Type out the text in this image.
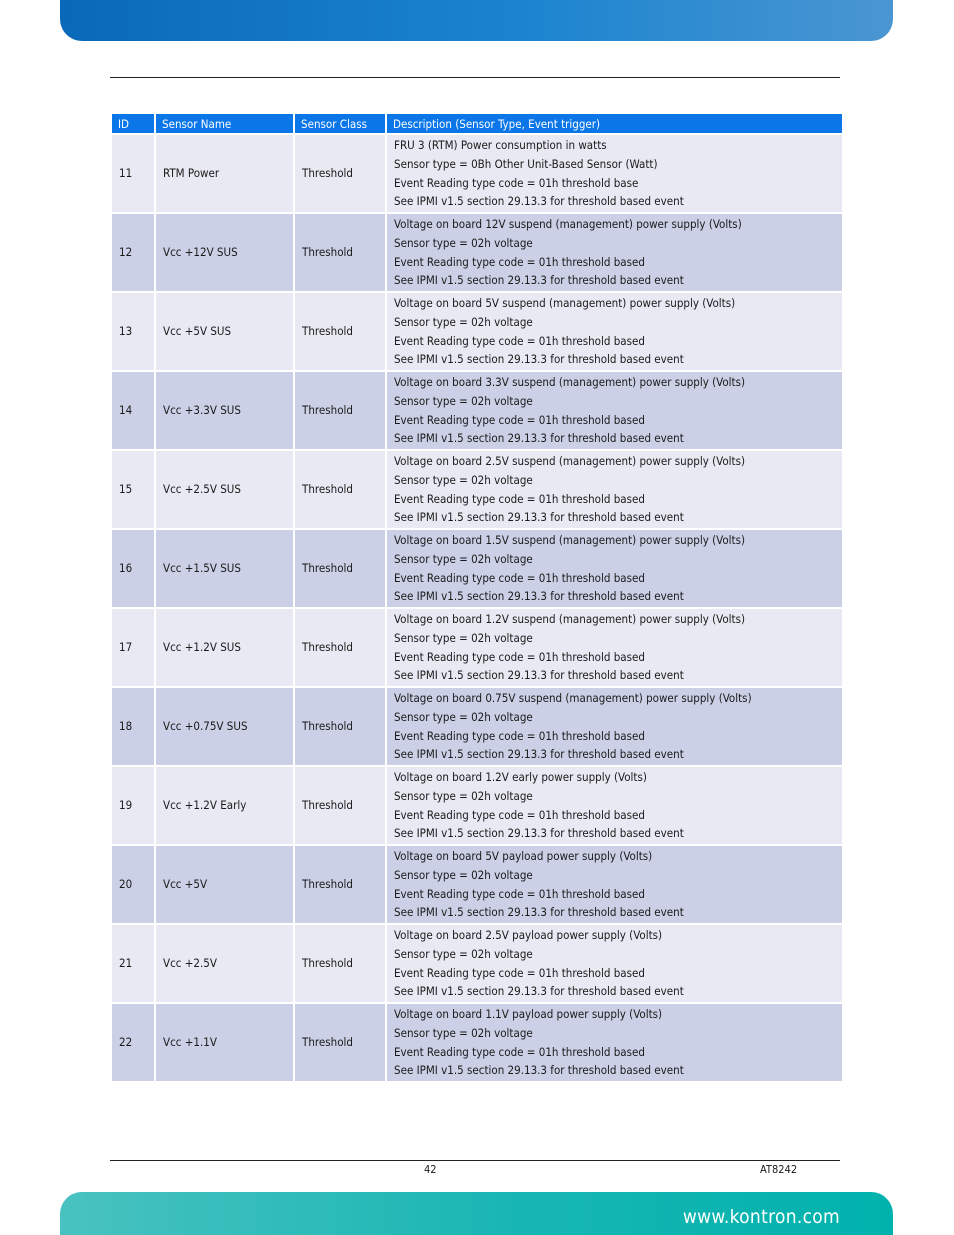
ID	Sensor Name	Sensor Class	Description (Sensor Type, Event trigger)
11	RTM Power	Threshold	FRU 3 (RTM) Power consumption in watts
Sensor type = 0Bh Other Unit-Based Sensor (Watt)
Event Reading type code = 01h threshold base
See IPMI v1.5 section 29.13.3 for threshold based event

12	Vcc +12V SUS	Threshold	Voltage on board 12V suspend (management) power supply (Volts)
Sensor type = 02h voltage
Event Reading type code = 01h threshold based
See IPMI v1.5 section 29.13.3 for threshold based event

13	Vcc +5V SUS	Threshold	Voltage on board 5V suspend (management) power supply (Volts)
Sensor type = 02h voltage
Event Reading type code = 01h threshold based
See IPMI v1.5 section 29.13.3 for threshold based event

14	Vcc +3.3V SUS	Threshold	Voltage on board 3.3V suspend (management) power supply (Volts)
Sensor type = 02h voltage
Event Reading type code = 01h threshold based
See IPMI v1.5 section 29.13.3 for threshold based event

15	Vcc +2.5V SUS	Threshold	Voltage on board 2.5V suspend (management) power supply (Volts)
Sensor type = 02h voltage
Event Reading type code = 01h threshold based
See IPMI v1.5 section 29.13.3 for threshold based event

16	Vcc +1.5V SUS	Threshold	Voltage on board 1.5V suspend (management) power supply (Volts)
Sensor type = 02h voltage
Event Reading type code = 01h threshold based
See IPMI v1.5 section 29.13.3 for threshold based event

17	Vcc +1.2V SUS	Threshold	Voltage on board 1.2V suspend (management) power supply (Volts)
Sensor type = 02h voltage
Event Reading type code = 01h threshold based
See IPMI v1.5 section 29.13.3 for threshold based event

18	Vcc +0.75V SUS	Threshold	Voltage on board 0.75V suspend (management) power supply (Volts)
Sensor type = 02h voltage
Event Reading type code = 01h threshold based
See IPMI v1.5 section 29.13.3 for threshold based event

19	Vcc +1.2V Early	Threshold	Voltage on board 1.2V early power supply (Volts)
Sensor type = 02h voltage
Event Reading type code = 01h threshold based
See IPMI v1.5 section 29.13.3 for threshold based event

20	Vcc +5V	Threshold	Voltage on board 5V payload power supply (Volts)
Sensor type = 02h voltage
Event Reading type code = 01h threshold based
See IPMI v1.5 section 29.13.3 for threshold based event

21	Vcc +2.5V	Threshold	Voltage on board 2.5V payload power supply (Volts)
Sensor type = 02h voltage
Event Reading type code = 01h threshold based
See IPMI v1.5 section 29.13.3 for threshold based event

22	Vcc +1.1V	Threshold	Voltage on board 1.1V payload power supply (Volts)
Sensor type = 02h voltage
Event Reading type code = 01h threshold based
See IPMI v1.5 section 29.13.3 for threshold based event
42	AT8242
www.kontron.com
